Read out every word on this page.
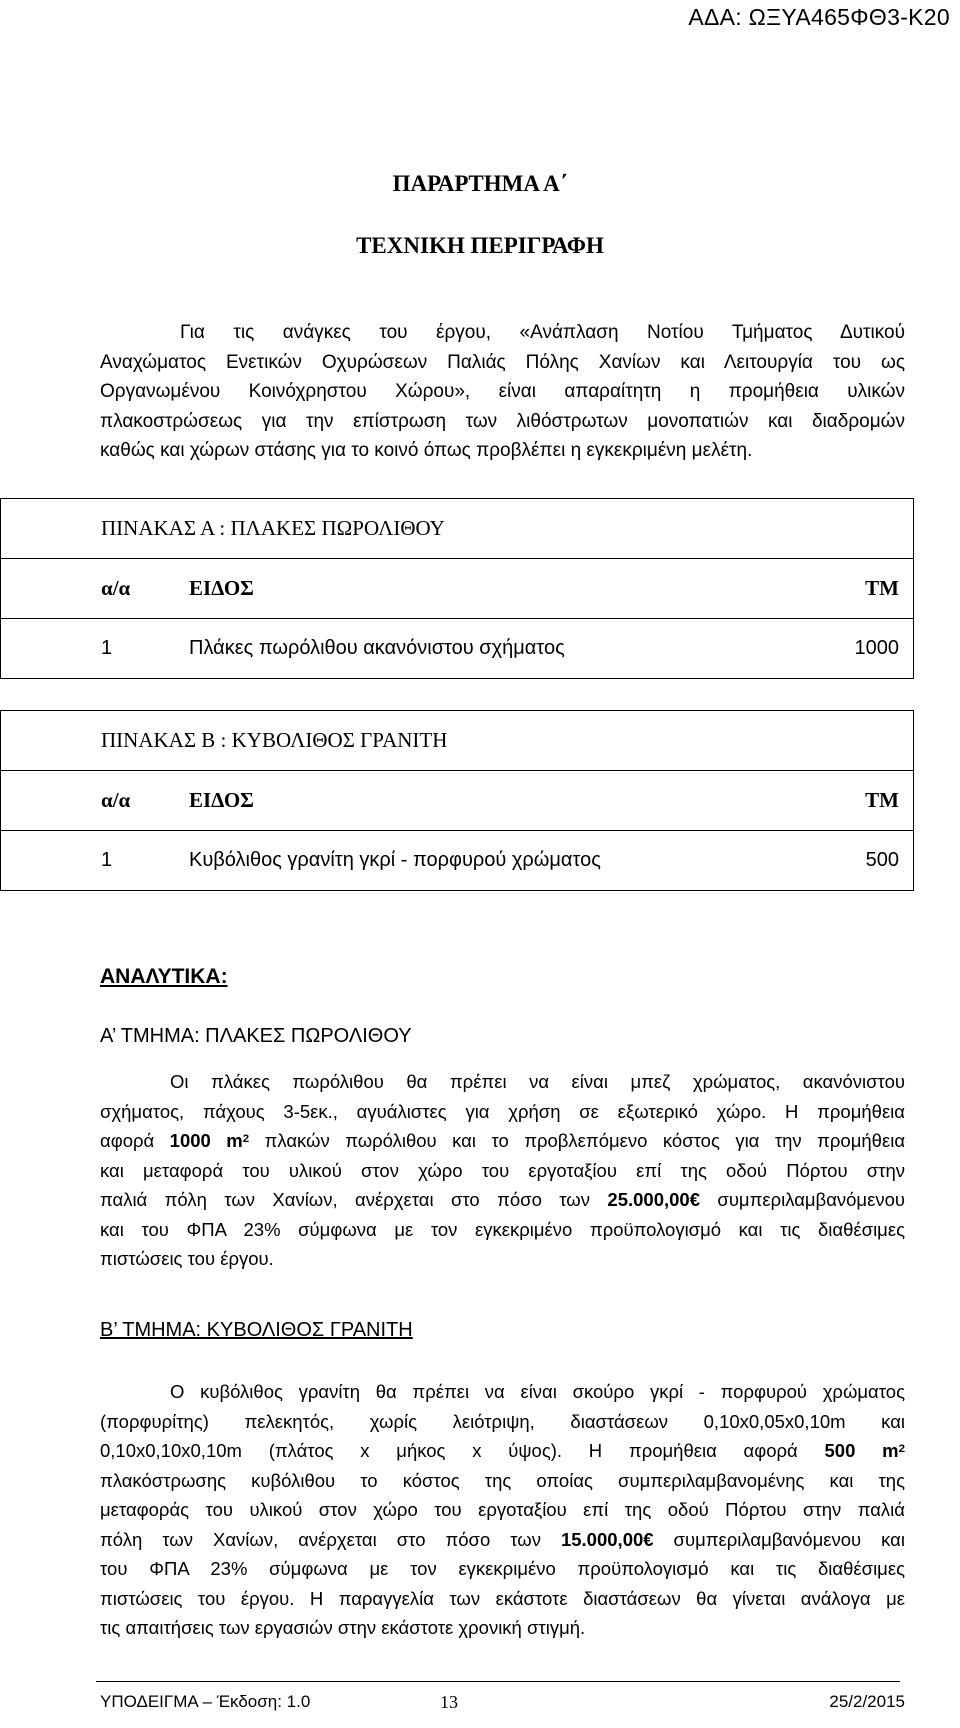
ΑΔΑ: ΩΞΥΑ465ΦΘ3-Κ20
ΠΑΡΑΡΤΗΜΑ Α΄
ΤΕΧΝΙΚΗ ΠΕΡΙΓΡΑΦΗ
Για τις ανάγκες του έργου, «Ανάπλαση Νοτίου Τμήματος Δυτικού
Αναχώματος Ενετικών Οχυρώσεων Παλιάς Πόλης Χανίων και Λειτουργία του ως
Οργανωμένου Κοινόχρηστου Χώρου», είναι απαραίτητη η προμήθεια υλικών
πλακοστρώσεως για την επίστρωση των λιθόστρωτων μονοπατιών και διαδρομών
καθώς και χώρων στάσης για το κοινό όπως προβλέπει η εγκεκριμένη μελέτη.
ΠΙΝΑΚΑΣ Α : ΠΛΑΚΕΣ ΠΩΡΟΛΙΘΟΥ		
α/α	ΕΙΔΟΣ	ΤΜ
1	Πλάκες πωρόλιθου ακανόνιστου σχήματος	1000
ΠΙΝΑΚΑΣ Β : ΚΥΒΟΛΙΘΟΣ ΓΡΑΝΙΤΗ		
α/α	ΕΙΔΟΣ	ΤΜ
1	Κυβόλιθος γρανίτη γκρί - πορφυρού χρώματος	500
ΑΝΑΛΥΤΙΚΑ:
Α’ ΤΜΗΜΑ: ΠΛΑΚΕΣ ΠΩΡΟΛΙΘΟΥ
Οι πλάκες πωρόλιθου θα πρέπει να είναι μπεζ χρώματος, ακανόνιστου
σχήματος, πάχους 3-5εκ., αγυάλιστες για χρήση σε εξωτερικό χώρο. Η προμήθεια
αφορά 1000 $m^2$ πλακών πωρόλιθου και το προβλεπόμενο κόστος για την προμήθεια
και μεταφορά του υλικού στον χώρο του εργοταξίου επί της οδού Πόρτου στην
παλιά πόλη των Χανίων, ανέρχεται στο πόσο των 25.000,00€ συμπεριλαμβανόμενου
και του ΦΠΑ 23% σύμφωνα με τον εγκεκριμένο προϋπολογισμό και τις διαθέσιμες
πιστώσεις του έργου.
Β’ ΤΜΗΜΑ: ΚΥΒΟΛΙΘΟΣ ΓΡΑΝΙΤΗ
Ο κυβόλιθος γρανίτη θα πρέπει να είναι σκούρο γκρί - πορφυρού χρώματος
(πορφυρίτης) πελεκητός, χωρίς λειότριψη, διαστάσεων 0,10x0,05x0,10m και
0,10x0,10x0,10m (πλάτος x μήκος x ύψος). Η προμήθεια αφορά 500 $m^2$
πλακόστρωσης κυβόλιθου το κόστος της οποίας συμπεριλαμβανομένης και της
μεταφοράς του υλικού στον χώρο του εργοταξίου επί της οδού Πόρτου στην παλιά
πόλη των Χανίων, ανέρχεται στο πόσο των 15.000,00€ συμπεριλαμβανόμενου και
του ΦΠΑ 23% σύμφωνα με τον εγκεκριμένο προϋπολογισμό και τις διαθέσιμες
πιστώσεις του έργου. Η παραγγελία των εκάστοτε διαστάσεων θα γίνεται ανάλογα με
τις απαιτήσεις των εργασιών στην εκάστοτε χρονική στιγμή.
ΥΠΟΔΕΙΓΜΑ – Έκδοση: 1.0	13	25/2/2015
